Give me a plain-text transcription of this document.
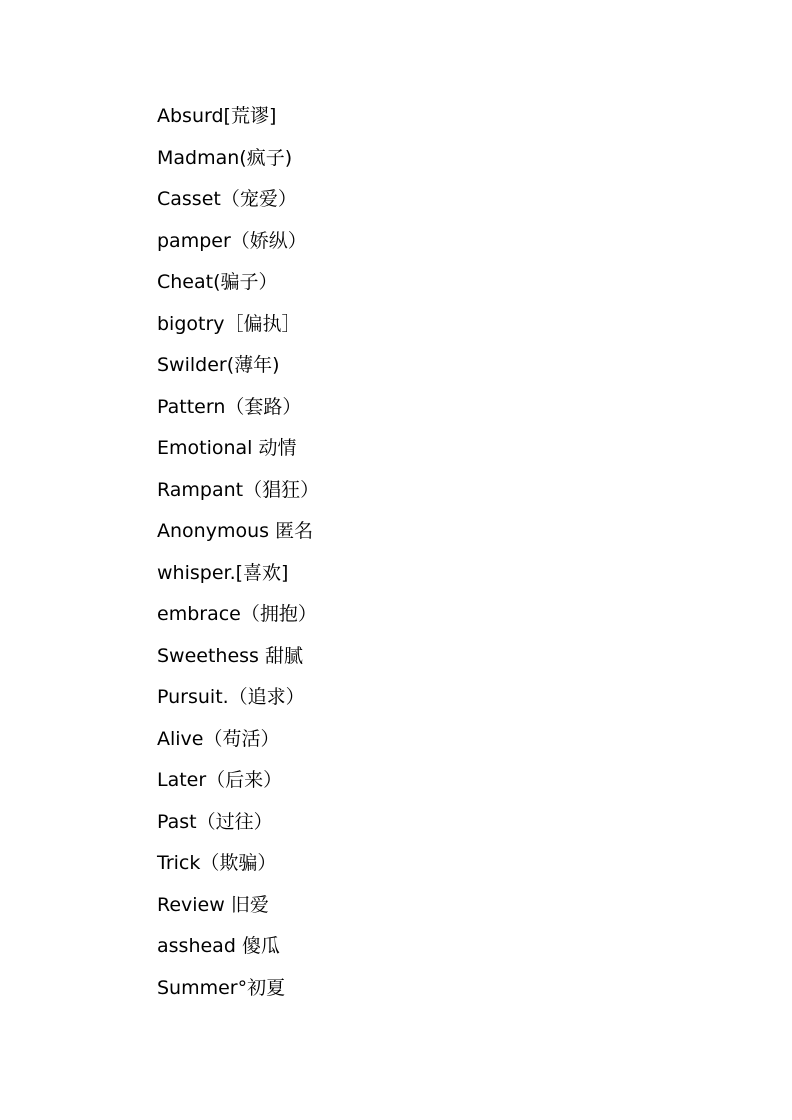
Absurd[荒谬]
Madman(疯子)
Casset（宠爱）
pamper（娇纵）
Cheat(骗子）
bigotry［偏执］
Swilder(薄年)
Pattern（套路）
Emotional 动情
Rampant（猖狂）
Anonymous 匿名
whisper.[喜欢]
embrace（拥抱）
Sweethess 甜腻
Pursuit.（追求）
Alive（苟活）
Later（后来）
Past（过往）
Trick（欺骗）
Review 旧爱
asshead 傻瓜
Summer°初夏
